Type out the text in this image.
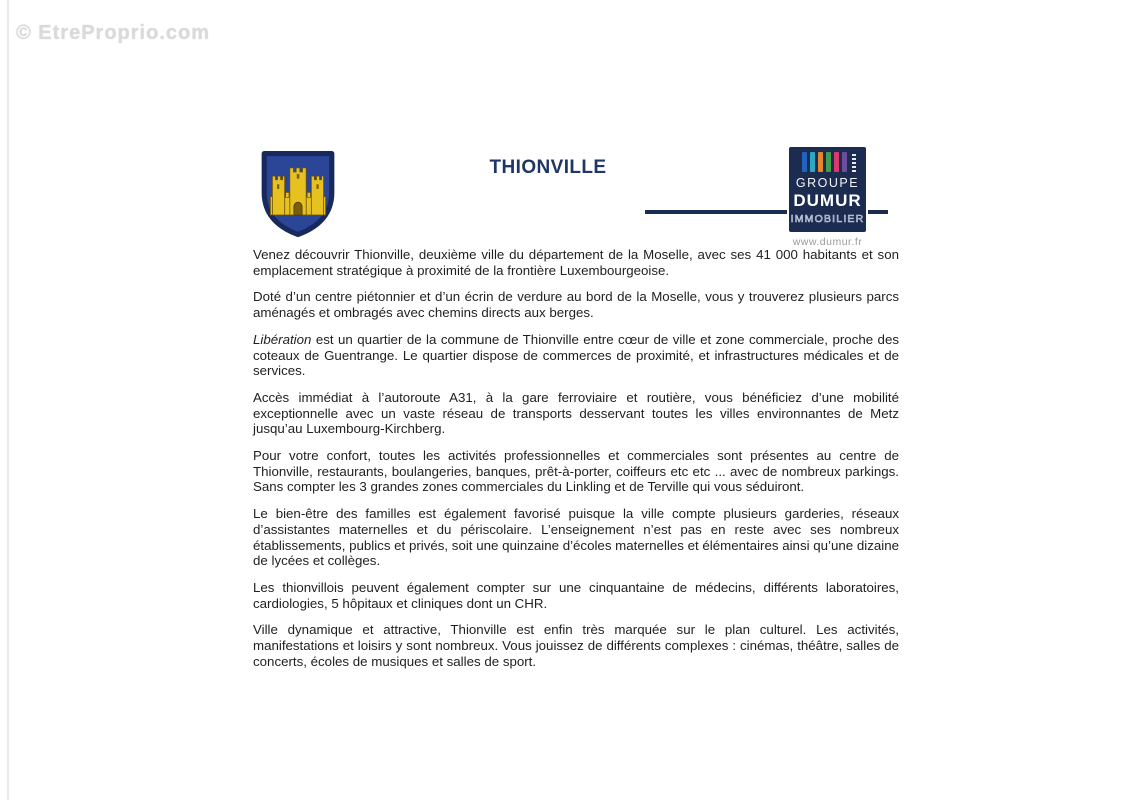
© EtreProprio.com
THIONVILLE
GROUPE
DUMUR
IMMOBILIER
www.dumur.fr

Venez découvrir Thionville, deuxième ville du département de la Moselle, avec ses 41 000 habitants et son emplacement stratégique à proximité de la frontière Luxembourgeoise.

Doté d’un centre piétonnier et d’un écrin de verdure au bord de la Moselle, vous y trouverez plusieurs parcs aménagés et ombragés avec chemins directs aux berges.

Libération est un quartier de la commune de Thionville entre cœur de ville et zone commerciale, proche des coteaux de Guentrange. Le quartier dispose de commerces de proximité, et infrastructures médicales et de services.

Accès immédiat à l’autoroute A31, à la gare ferroviaire et routière, vous bénéficiez d’une mobilité exceptionnelle avec un vaste réseau de transports desservant toutes les villes environnantes de Metz jusqu’au Luxembourg-Kirchberg.

Pour votre confort, toutes les activités professionnelles et commerciales sont présentes au centre de Thionville, restaurants, boulangeries, banques, prêt-à-porter, coiffeurs etc etc ... avec de nombreux parkings. Sans compter les 3 grandes zones commerciales du Linkling et de Terville qui vous séduiront.

Le bien-être des familles est également favorisé puisque la ville compte plusieurs garderies, réseaux d’assistantes maternelles et du périscolaire. L’enseignement n’est pas en reste avec ses nombreux établissements, publics et privés, soit une quinzaine d’écoles maternelles et élémentaires ainsi qu’une dizaine de lycées et collèges.

Les thionvillois peuvent également compter sur une cinquantaine de médecins, différents laboratoires, cardiologies, 5 hôpitaux et cliniques dont un CHR.

Ville dynamique et attractive, Thionville est enfin très marquée sur le plan culturel. Les activités, manifestations et loisirs y sont nombreux. Vous jouissez de différents complexes : cinémas, théâtre, salles de concerts, écoles de musiques et salles de sport.
